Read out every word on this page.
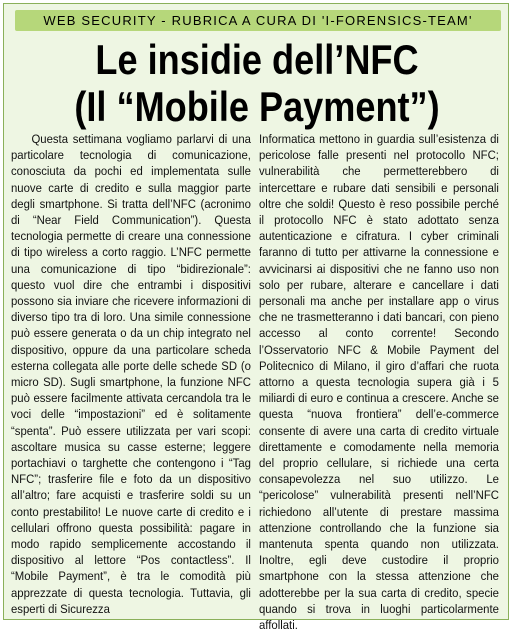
WEB SECURITY - RUBRICA A CURA DI 'I-FORENSICS-TEAM'
Le insidie dell’NFC
(Il “Mobile Payment”)

Questa settimana vogliamo parlarvi di una particolare tecnologia di comunicazione, conosciuta da pochi ed implementata sulle nuove carte di credito e sulla maggior parte degli smartphone. Si tratta dell’NFC (acronimo di “Near Field Communication”). Questa tecnologia permette di creare una connessione di tipo wireless a corto raggio. L’NFC permette una comunicazione di tipo “bidirezionale”: questo vuol dire che entrambi i dispositivi possono sia inviare che ricevere informazioni di diverso tipo tra di loro. Una simile connessione può essere generata o da un chip integrato nel dispositivo, oppure da una particolare scheda esterna collegata alle porte delle schede SD (o micro SD). Sugli smartphone, la funzione NFC può essere facilmente attivata cercandola tra le voci delle “impostazioni” ed è solitamente “spenta”. Può essere utilizzata per vari scopi: ascoltare musica su casse esterne; leggere portachiavi o targhette che contengono i “Tag NFC”; trasferire file e foto da un dispositivo all’altro; fare acquisti e trasferire soldi su un conto prestabilito! Le nuove carte di credito e i cellulari offrono questa possibilità: pagare in modo rapido semplicemente accostando il dispositivo al lettore “Pos contactless”. Il “Mobile Payment”, è tra le comodità più apprezzate di questa tecnologia. Tuttavia, gli esperti di Sicurezza

Informatica mettono in guardia sull’esistenza di pericolose falle presenti nel protocollo NFC; vulnerabilità che permetterebbero di intercettare e rubare dati sensibili e personali oltre che soldi! Questo è reso possibile perché il protocollo NFC è stato adottato senza autenticazione e cifratura. I cyber criminali faranno di tutto per attivarne la connessione e avvicinarsi ai dispositivi che ne fanno uso non solo per rubare, alterare e cancellare i dati personali ma anche per installare app o virus che ne trasmetteranno i dati bancari, con pieno accesso al conto corrente! Secondo l’Osservatorio NFC & Mobile Payment del Politecnico di Milano, il giro d’affari che ruota attorno a questa tecnologia supera già i 5 miliardi di euro e continua a crescere. Anche se questa “nuova frontiera” dell’e-commerce consente di avere una carta di credito virtuale direttamente e comodamente nella memoria del proprio cellulare, si richiede una certa consapevolezza nel suo utilizzo. Le “pericolose” vulnerabilità presenti nell’NFC richiedono all’utente di prestare massima attenzione controllando che la funzione sia mantenuta spenta quando non utilizzata. Inoltre, egli deve custodire il proprio smartphone con la stessa attenzione che adotterebbe per la sua carta di credito, specie quando si trova in luoghi particolarmente affollati.
